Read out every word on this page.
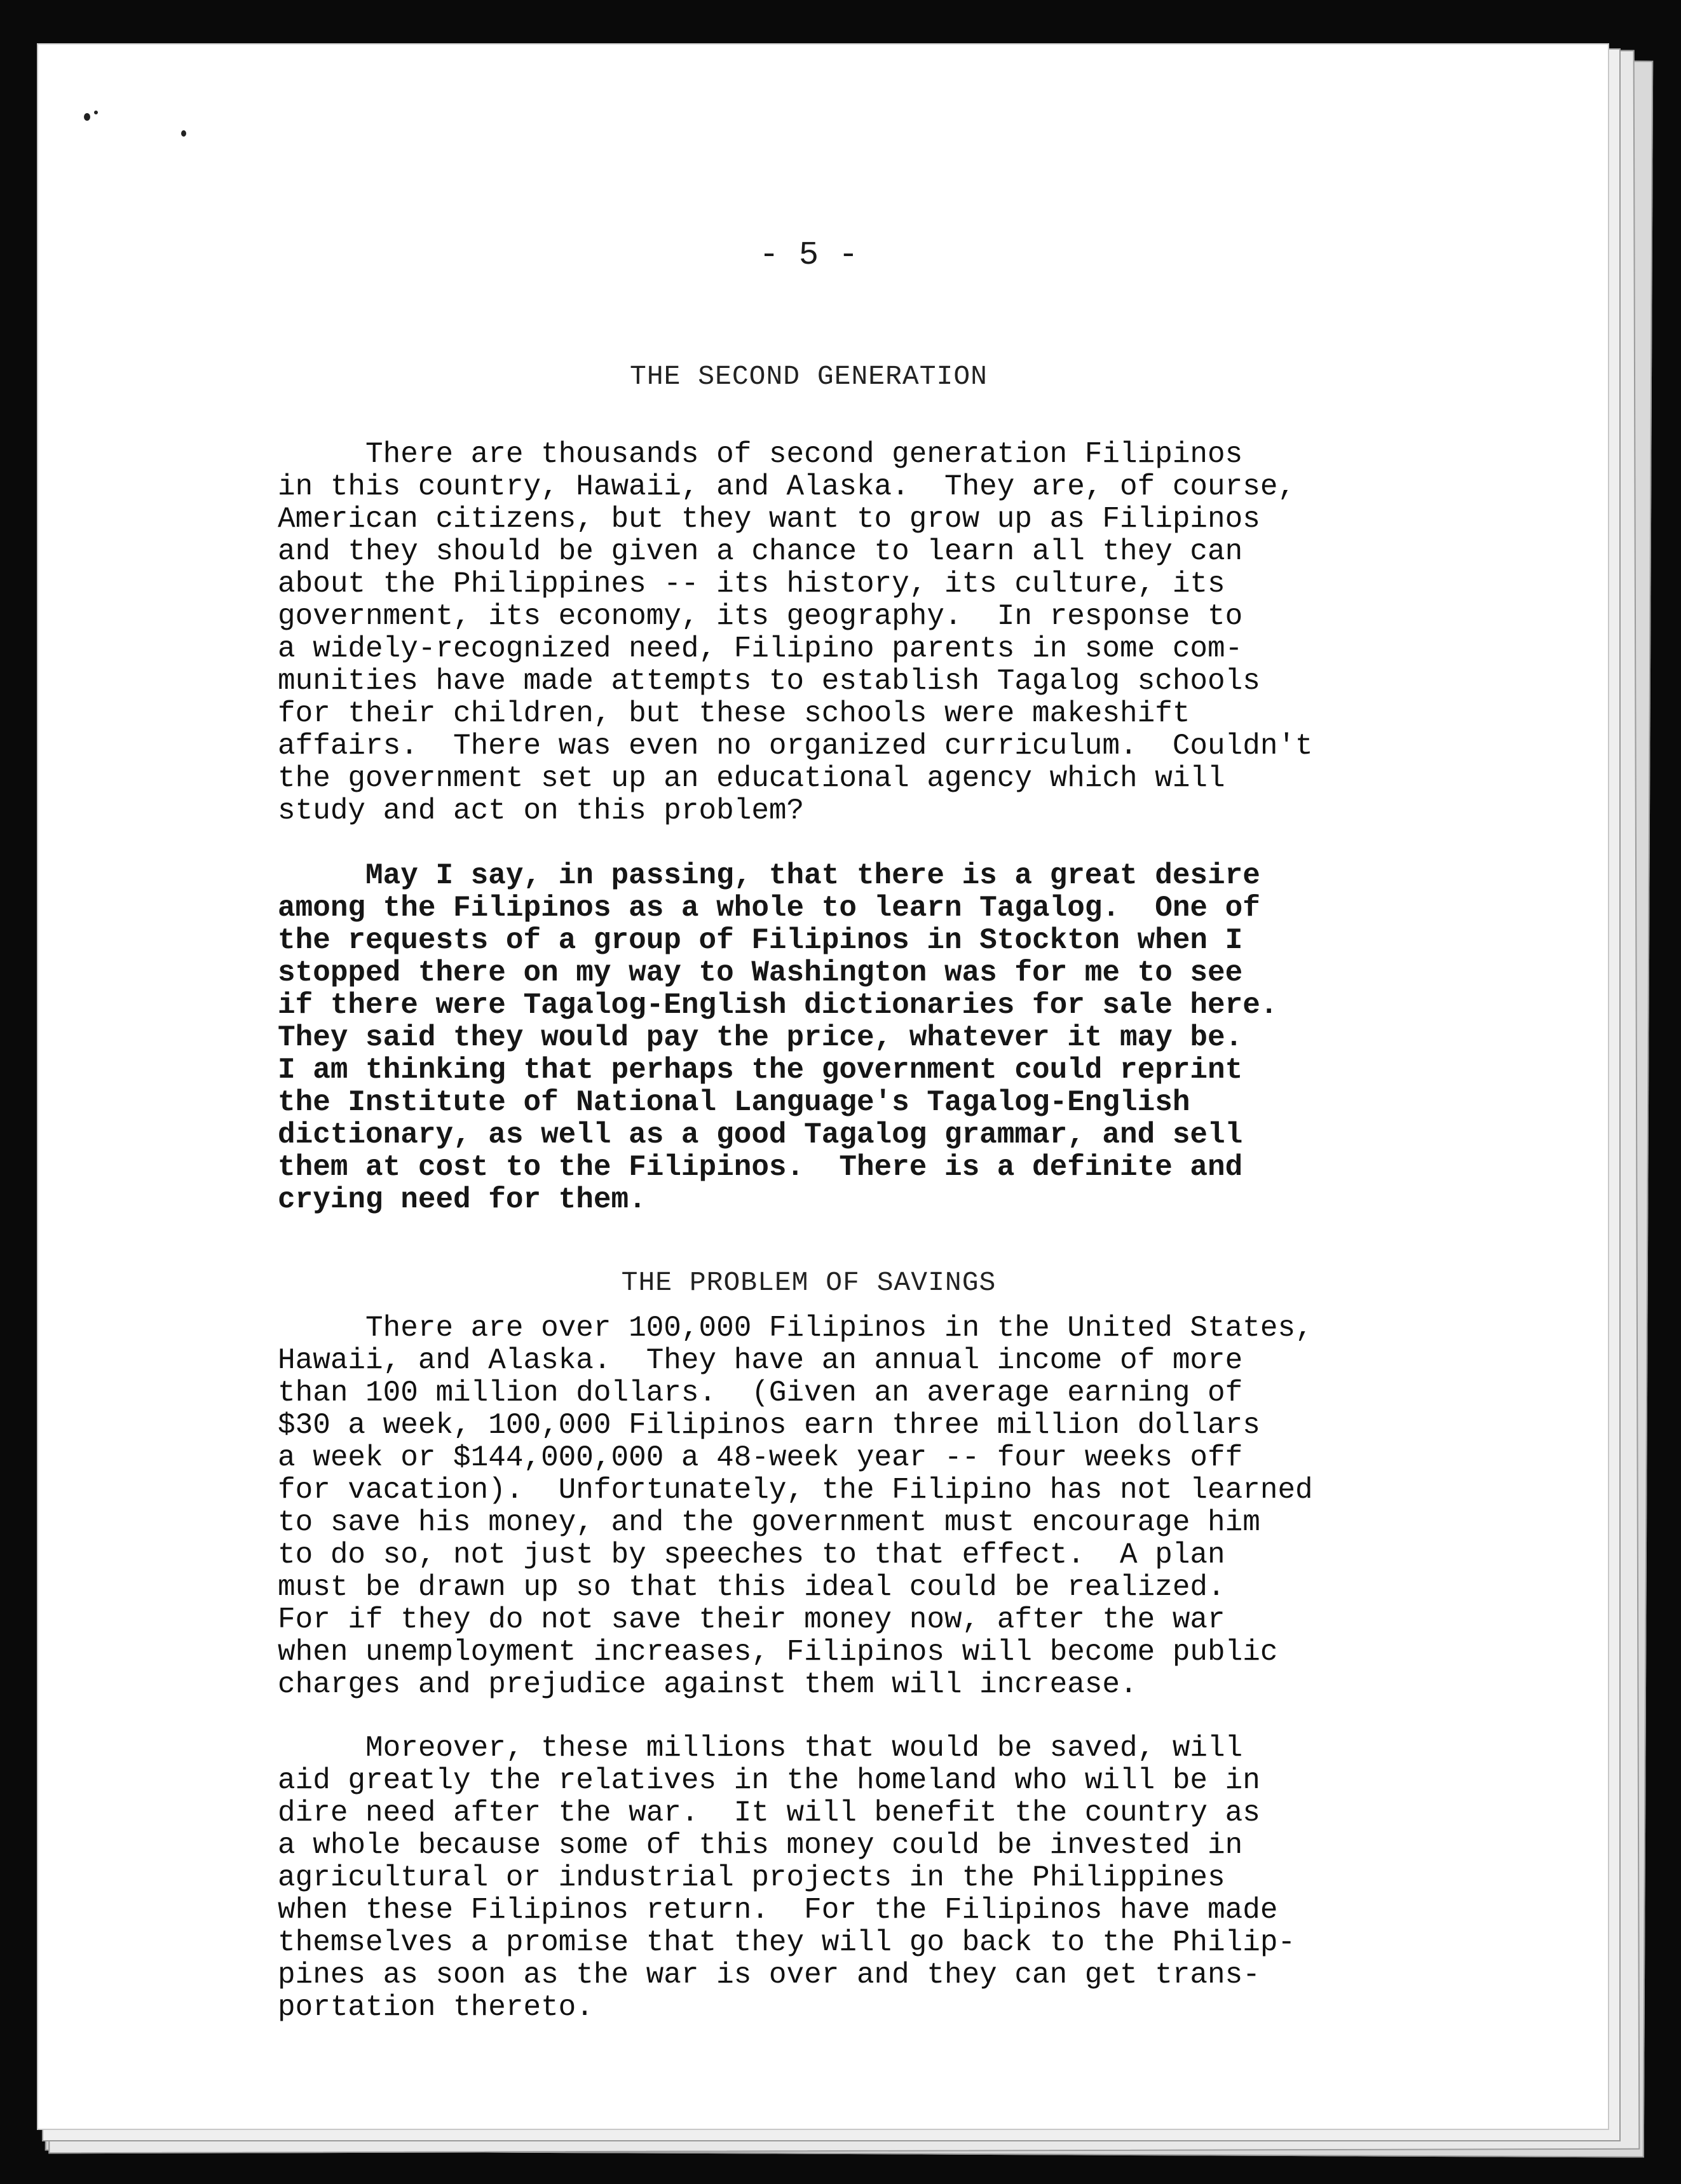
- 5 -
THE SECOND GENERATION

There are thousands of second generation Filipinos
in this country, Hawaii, and Alaska.  They are, of course,
American citizens, but they want to grow up as Filipinos
and they should be given a chance to learn all they can
about the Philippines -- its history, its culture, its
government, its economy, its geography.  In response to
a widely-recognized need, Filipino parents in some com-
munities have made attempts to establish Tagalog schools
for their children, but these schools were makeshift
affairs.  There was even no organized curriculum.  Couldn't
the government set up an educational agency which will
study and act on this problem?

May I say, in passing, that there is a great desire
among the Filipinos as a whole to learn Tagalog.  One of
the requests of a group of Filipinos in Stockton when I
stopped there on my way to Washington was for me to see
if there were Tagalog-English dictionaries for sale here.
They said they would pay the price, whatever it may be.
I am thinking that perhaps the government could reprint
the Institute of National Language's Tagalog-English
dictionary, as well as a good Tagalog grammar, and sell
them at cost to the Filipinos.  There is a definite and
crying need for them.

THE PROBLEM OF SAVINGS

There are over 100,000 Filipinos in the United States,
Hawaii, and Alaska.  They have an annual income of more
than 100 million dollars.  (Given an average earning of
$30 a week, 100,000 Filipinos earn three million dollars
a week or $144,000,000 a 48-week year -- four weeks off
for vacation).  Unfortunately, the Filipino has not learned
to save his money, and the government must encourage him
to do so, not just by speeches to that effect.  A plan
must be drawn up so that this ideal could be realized.
For if they do not save their money now, after the war
when unemployment increases, Filipinos will become public
charges and prejudice against them will increase.

Moreover, these millions that would be saved, will
aid greatly the relatives in the homeland who will be in
dire need after the war.  It will benefit the country as
a whole because some of this money could be invested in
agricultural or industrial projects in the Philippines
when these Filipinos return.  For the Filipinos have made
themselves a promise that they will go back to the Philip-
pines as soon as the war is over and they can get trans-
portation thereto.
